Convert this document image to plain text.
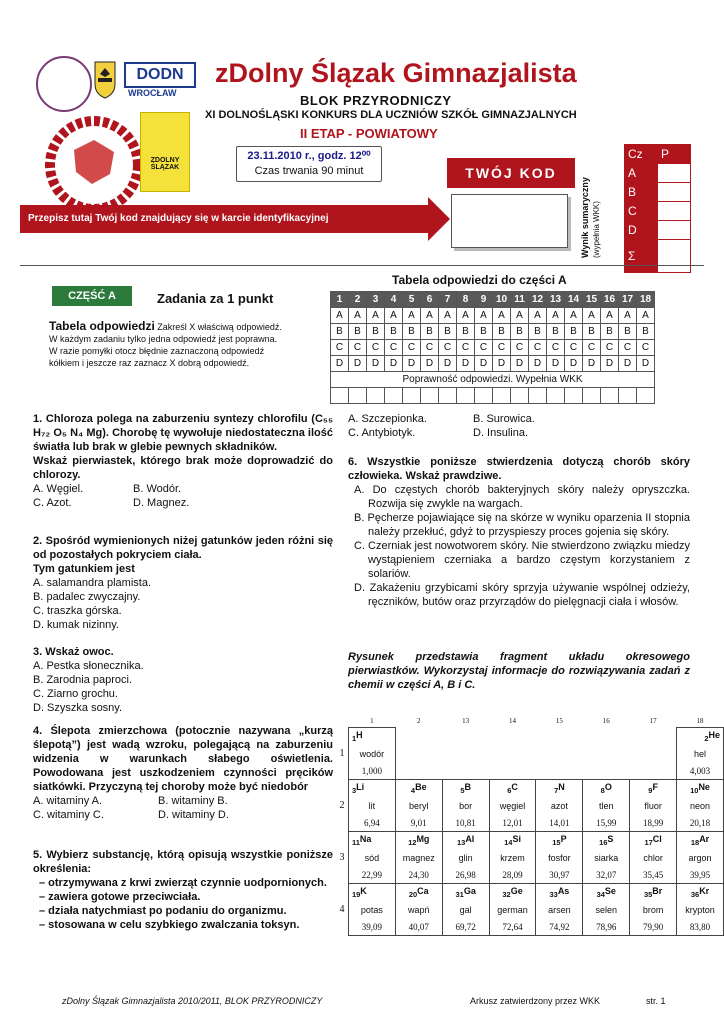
DODN
WROCŁAW
ZDOLNY ŚLĄZAK
zDolny Ślązak Gimnazjalista
BLOK PRZYRODNICZY
XI DOLNOŚLĄSKI KONKURS DLA UCZNIÓW SZKÓŁ GIMNAZJALNYCH
II ETAP - POWIATOWY
23.11.2010 r., godz. 12⁰⁰
Czas trwania 90 minut	TWÓJ KOD
Przepisz tutaj Twój kod znajdujący się w karcie identyfikacyjnej	Wynik sumaryczny (wypełnia WKK)
Cz	P
A	
B	
C	
D	
Σ	
CZĘŚĆ A	Zadania za 1 punkt
Tabela odpowiedzi Zakreśl X właściwą odpowiedź.
W każdym zadaniu tylko jedna odpowiedź jest poprawna.
W razie pomyłki otocz błędnie zaznaczoną odpowiedź
kółkiem i jeszcze raz zaznacz X dobrą odpowiedź.
Tabela odpowiedzi do części A
1	2	3	4	5	6	7	8	9	10	11	12	13	14	15	16	17	18
A	A	A	A	A	A	A	A	A	A	A	A	A	A	A	A	A	A
B	B	B	B	B	B	B	B	B	B	B	B	B	B	B	B	B	B
C	C	C	C	C	C	C	C	C	C	C	C	C	C	C	C	C	C
D	D	D	D	D	D	D	D	D	D	D	D	D	D	D	D	D	D
Poprawność odpowiedzi. Wypełnia WKK																	

1. Chloroza polega na zaburzeniu syntezy chlorofilu (C₅₅ H₇₂ O₅ N₄ Mg). Chorobę tę wywołuje niedostateczna ilość światła lub brak w glebie pewnych składników.
Wskaż pierwiastek, którego brak może doprowadzić do chlorozy.
A. Węgiel.	B. Wodór.
C. Azot.	D. Magnez.
2. Spośród wymienionych niżej gatunków jeden różni się od pozostałych pokryciem ciała.
Tym gatunkiem jest
A. salamandra plamista.
B. padalec zwyczajny.
C. traszka górska.
D. kumak nizinny.
3. Wskaż owoc.
A. Pestka słonecznika.
B. Zarodnia paproci.
C. Ziarno grochu.
D. Szyszka sosny.
4. Ślepota zmierzchowa (potocznie nazywana „kurzą ślepotą”) jest wadą wzroku, polegającą na zaburzeniu widzenia w warunkach słabego oświetlenia. Powodowana jest uszkodzeniem czynności pręcików siatkówki. Przyczyną tej choroby może być niedobór
A. witaminy A.	B. witaminy B.
C. witaminy C.	D. witaminy D.
5. Wybierz substancję, którą opisują wszystkie poniższe określenia:
– otrzymywana z krwi zwierząt czynnie uodpornionych.
– zawiera gotowe przeciwciała.
– działa natychmiast po podaniu do organizmu.
– stosowana w celu szybkiego zwalczania toksyn.
A. Szczepionka.	B. Surowica.
C. Antybiotyk.	D. Insulina.
6. Wszystkie poniższe stwierdzenia dotyczą chorób skóry człowieka. Wskaż prawdziwe.
A. Do częstych chorób bakteryjnych skóry należy opryszczka. Rozwija się zwykle na wargach.
B. Pęcherze pojawiające się na skórze w wyniku oparzenia II stopnia należy przekłuć, gdyż to przyspieszy proces gojenia się skóry.
C. Czerniak jest nowotworem skóry. Nie stwierdzono związku miedzy wystąpieniem czerniaka a bardzo częstym korzystaniem z solariów.
D. Zakażeniu grzybicami skóry sprzyja używanie wspólnej odzieży, ręczników, butów oraz przyrządów do pielęgnacji ciała i włosów.
Rysunek przedstawia fragment układu okresowego pierwiastków. Wykorzystaj informacje do rozwiązywania zadań z chemii w części A, B i C.
	1	2	13	14	15	16	17	18
1	$_1$H							$_2$He
	wodór							hel
	1,000							4,003
2	$_3$Li	$_4$Be	$_5$B	$_6$C	$_7$N	$_8$O	$_9$F	$_{10}$Ne
	lit	beryl	bor	węgiel	azot	tlen	fluor	neon
	6,94	9,01	10,81	12,01	14,01	15,99	18,99	20,18
3	$_{11}$Na	$_{12}$Mg	$_{13}$Al	$_{14}$Si	$_{15}$P	$_{16}$S	$_{17}$Cl	$_{18}$Ar
	sód	magnez	glin	krzem	fosfor	siarka	chlor	argon
	22,99	24,30	26,98	28,09	30,97	32,07	35,45	39,95
4	$_{19}$K	$_{20}$Ca	$_{31}$Ga	$_{32}$Ge	$_{33}$As	$_{34}$Se	$_{35}$Br	$_{36}$Kr
	potas	wapń	gal	german	arsen	selen	brom	krypton
	39,09	40,07	69,72	72,64	74,92	78,96	79,90	83,80
zDolny Ślązak Gimnazjalista 2010/2011, BLOK PRZYRODNICZY	Arkusz zatwierdzony przez WKK	str. 1
